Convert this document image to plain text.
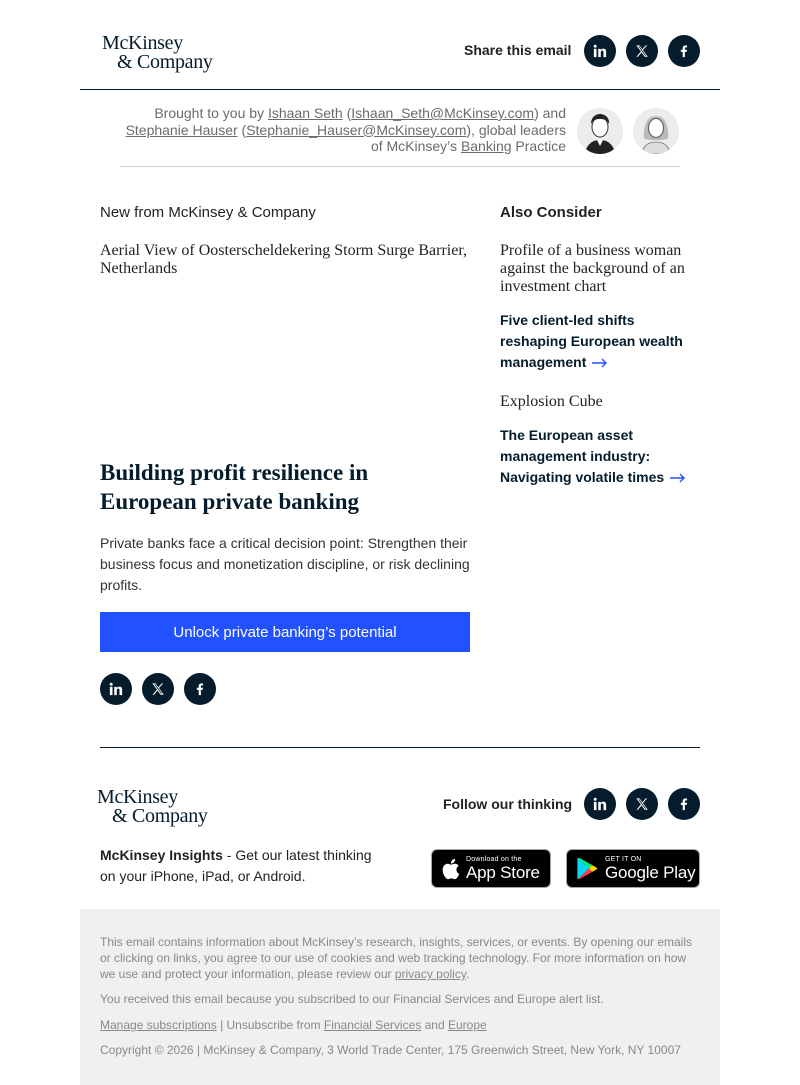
McKinsey
& Company
Share this email
Brought to you by Ishaan Seth (Ishaan_Seth@McKinsey.com) and
Stephanie Hauser (Stephanie_Hauser@McKinsey.com), global leaders
of McKinsey’s Banking Practice
New from McKinsey & Company
Aerial View of Oosterscheldekering Storm Surge Barrier, Netherlands
Building profit resilience in European private banking
Private banks face a critical decision point: Strengthen their business focus and monetization discipline, or risk declining profits.
Unlock private banking’s potential
Also Consider
Profile of a business woman against the background of an investment chart
Five client-led shifts reshaping European wealth management
Explosion Cube
The European asset management industry: Navigating volatile times
McKinsey
& Company
Follow our thinking
McKinsey Insights - Get our latest thinking on your iPhone, iPad, or Android.
Download on the
App Store
GET IT ON
Google Play
This email contains information about McKinsey’s research, insights, services, or events. By opening our emails or clicking on links, you agree to our use of cookies and web tracking technology. For more information on how we use and protect your information, please review our privacy policy.
You received this email because you subscribed to our Financial Services and Europe alert list.
Manage subscriptions | Unsubscribe from Financial Services and Europe
Copyright © 2026 | McKinsey & Company, 3 World Trade Center, 175 Greenwich Street, New York, NY 10007
